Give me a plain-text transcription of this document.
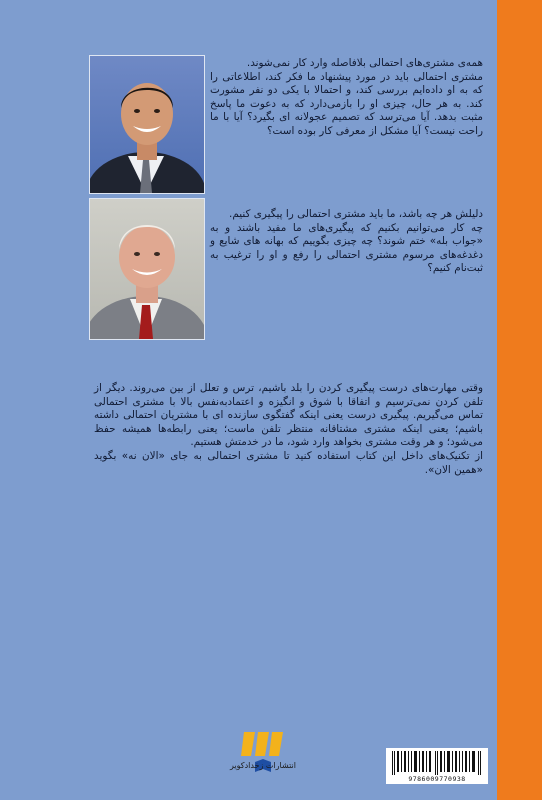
همه‌ی مشتری‌های احتمالی بلافاصله وارد کار نمی‌شوند.

مشتری احتمالی باید در مورد پیشنهاد ما فکر کند، اطلاعاتی را که به او داده‌ایم بررسی کند، و احتمالا با یکی دو نفر مشورت کند. به هر حال، چیزی او را بازمی‌دارد که به دعوت ما پاسخ مثبت بدهد. آیا می‌ترسد که تصمیم عجولانه ای بگیرد؟ آیا با ما راحت نیست؟ آیا مشکل از معرفی کار بوده است؟

دلیلش هر چه باشد، ما باید مشتری احتمالی را پیگیری کنیم.

چه کار می‌توانیم بکنیم که پیگیری‌های ما مفید باشند و به «جواب بله» ختم شوند؟ چه چیزی بگوییم که بهانه های شایع و دغدغه‌های مرسوم مشتری احتمالی را رفع و او را ترغیب به ثبت‌نام کنیم؟

وقتی مهارت‌های درست پیگیری کردن را بلد باشیم، ترس و تعلل از بین می‌روند. دیگر از تلفن کردن نمی‌ترسیم و اتفاقا با شوق و انگیزه و اعتمادبه‌نفس بالا با مشتری احتمالی تماس می‌گیریم. پیگیری درست یعنی اینکه گفتگوی سازنده ای با مشتریان احتمالی داشته باشیم؛ یعنی اینکه مشتری مشتاقانه منتظر تلفن ماست؛ یعنی رابطه‌ها همیشه حفظ می‌شود؛ و هر وقت مشتری بخواهد وارد شود، ما در خدمتش هستیم.

از تکنیک‌های داخل این کتاب استفاده کنید تا مشتری احتمالی به جای «الان نه» بگوید «همین الان».

انتشارات زخدادکویر
9786009770938
